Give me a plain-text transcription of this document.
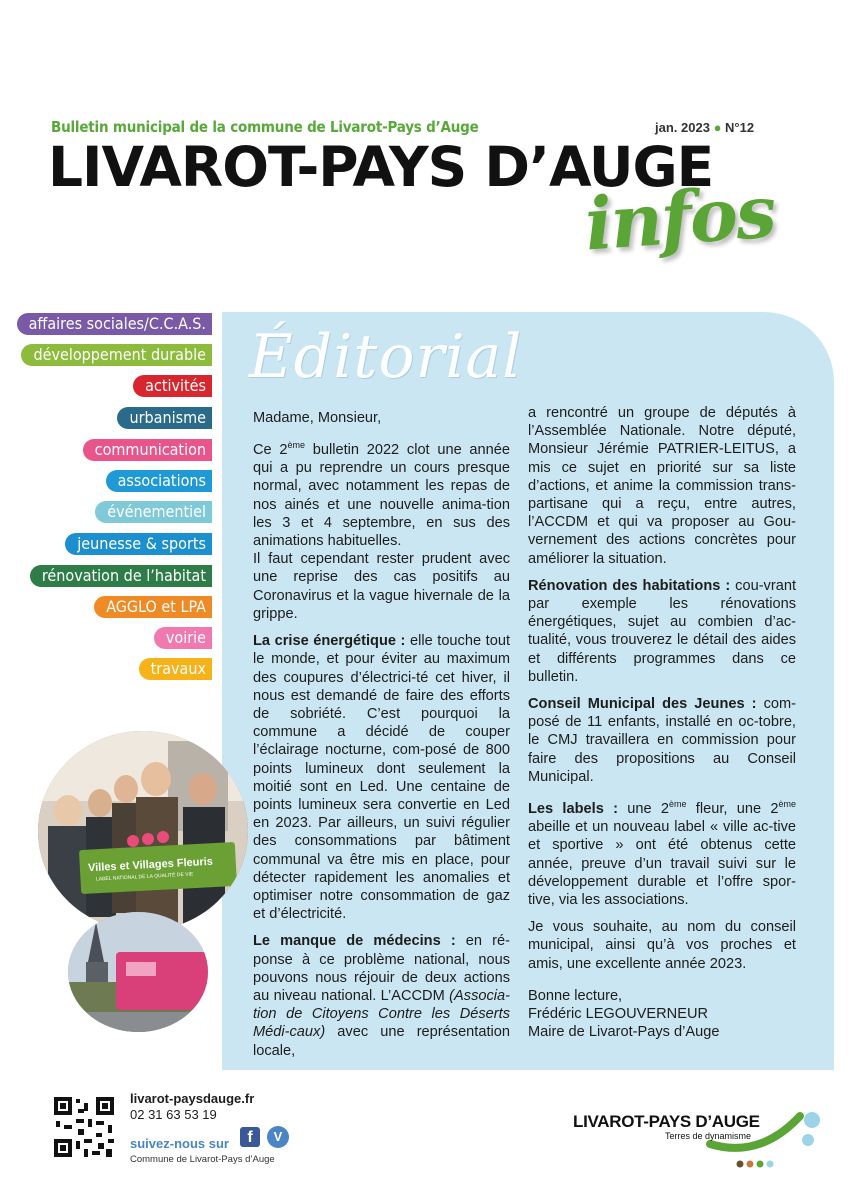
Bulletin municipal de la commune de Livarot-Pays d’Auge	jan. 2023 ● N°12
LIVAROT-PAYS D’AUGE
infos
affaires sociales/C.C.A.S.
développement durable
activités
urbanisme
communication
associations
événementiel
jeunesse & sports
rénovation de l’habitat
AGGLO et LPA
voirie
travaux
Éditorial

Madame, Monsieur,

Ce 2ème bulletin 2022 clot une année qui a pu reprendre un cours presque normal, avec notamment les repas de nos ainés et une nouvelle anima-tion les 3 et 4 septembre, en sus des animations habituelles.

Il faut cependant rester prudent avec une reprise des cas positifs au Coronavirus et la vague hivernale de la grippe.

La crise énergétique : elle touche tout le monde, et pour éviter au maximum des coupures d’électrici-té cet hiver, il nous est demandé de faire des efforts de sobriété. C’est pourquoi la commune a décidé de couper l’éclairage nocturne, com-posé de 800 points lumineux dont seulement la moitié sont en Led. Une centaine de points lumineux sera convertie en Led en 2023. Par ailleurs, un suivi régulier des consommations par bâtiment communal va être mis en place, pour détecter rapidement les anomalies et optimiser notre consommation de gaz et d’électricité.

Le manque de médecins : en ré-ponse à ce problème national, nous pouvons nous réjouir de deux actions au niveau national. L’ACCDM (Associa-tion de Citoyens Contre les Déserts Médi-caux) avec une représentation locale,

a rencontré un groupe de députés à l’Assemblée Nationale. Notre député, Monsieur Jérémie PATRIER-LEITUS, a mis ce sujet en priorité sur sa liste d’actions, et anime la commission trans-partisane qui a reçu, entre autres, l’ACCDM et qui va proposer au Gou-vernement des actions concrètes pour améliorer la situation.

Rénovation des habitations : cou-vrant par exemple les rénovations énergétiques, sujet au combien d’ac-tualité, vous trouverez le détail des aides et différents programmes dans ce bulletin.

Conseil Municipal des Jeunes : com-posé de 11 enfants, installé en oc-tobre, le CMJ travaillera en commission pour faire des propositions au Conseil Municipal.

Les labels : une 2ème fleur, une 2ème abeille et un nouveau label « ville ac-tive et sportive » ont été obtenus cette année, preuve d’un travail suivi sur le développement durable et l’offre spor-tive, via les associations.

Je vous souhaite, au nom du conseil municipal, ainsi qu’à vos proches et amis, une excellente année 2023.

Bonne lecture,
Frédéric LEGOUVERNEUR
Maire de Livarot-Pays d’Auge

Villes et Villages Fleuris
LABEL NATIONAL DE LA QUALITÉ DE VIE
livarot-paysdauge.fr
02 31 63 53 19
suivez-nous sur	f	V
Commune de Livarot-Pays d’Auge
LIVAROT-PAYS D’AUGE
Terres de dynamisme
